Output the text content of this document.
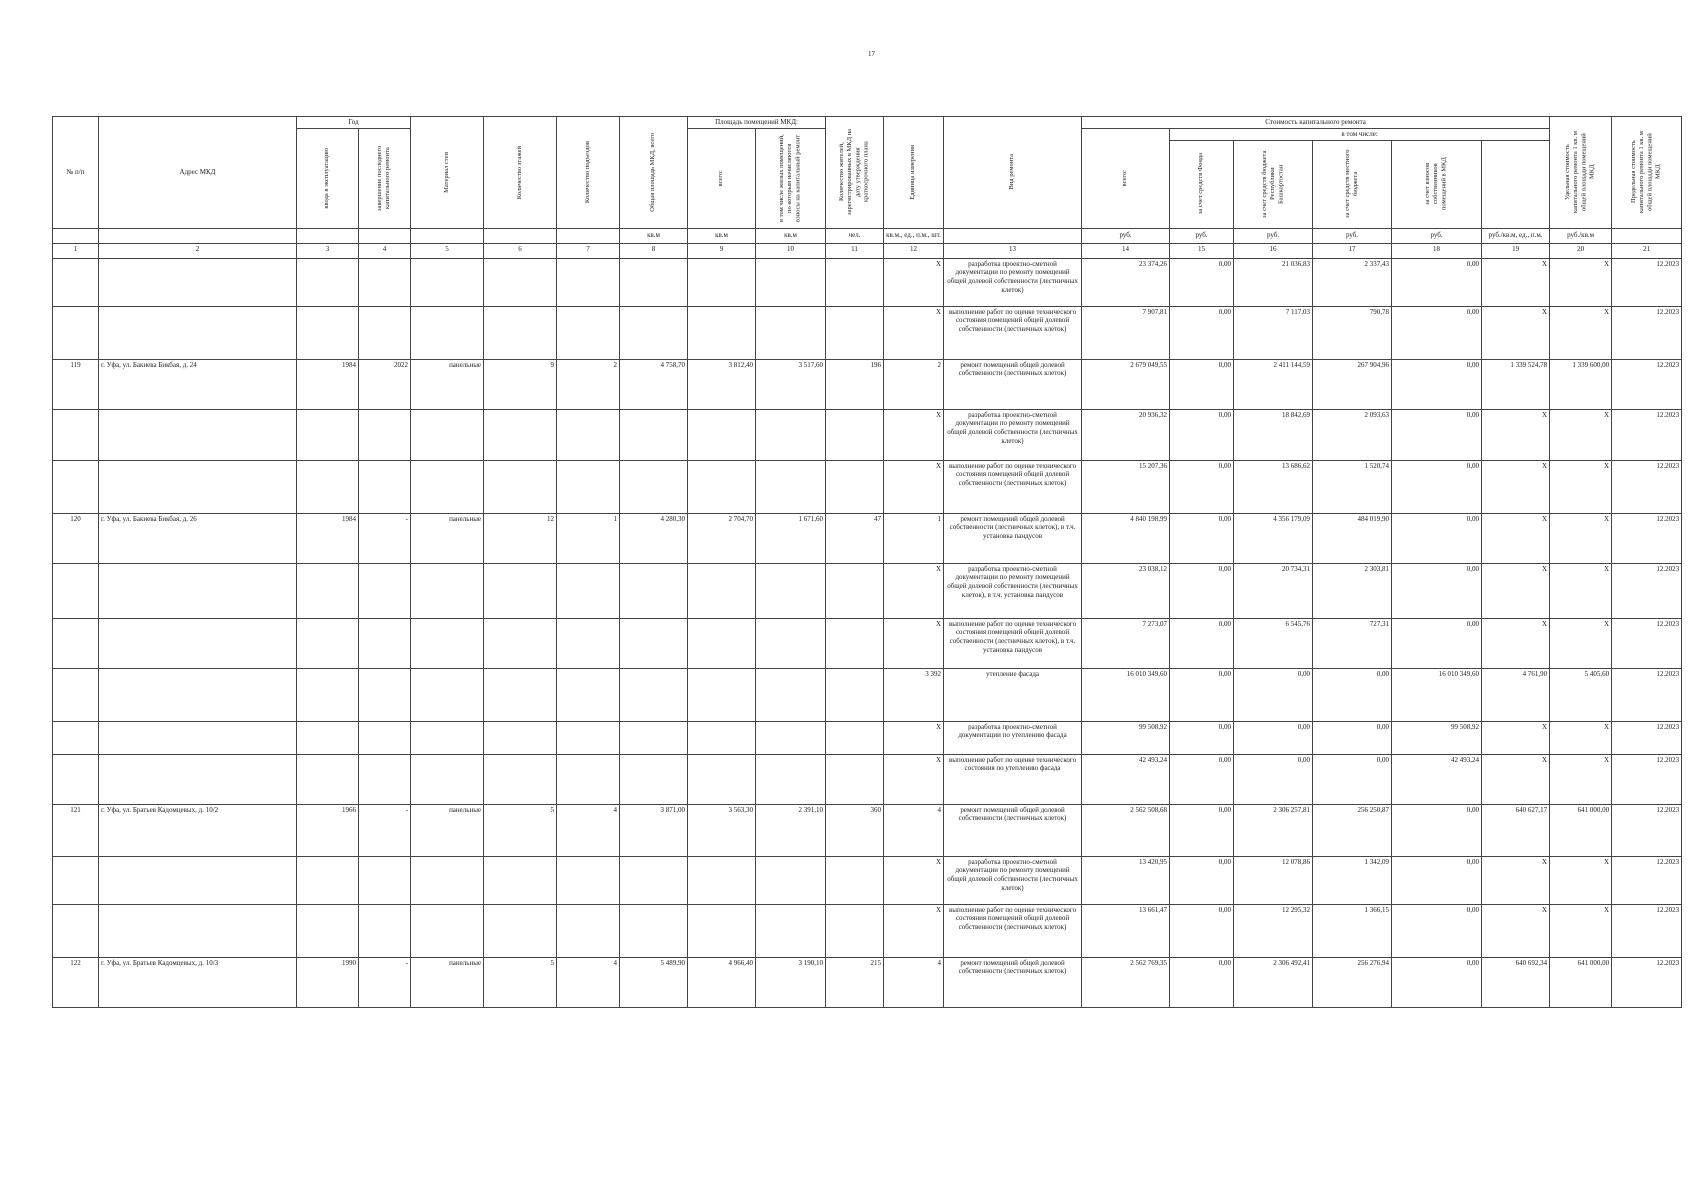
17
№ п/п	Адрес МКД	Год		Материал стен	Количество этажей	Количество подъездов	Общая площадь МКД, всего	Площадь помещений МКД:		Количество жителей, зарегистрированных в МКД на дату утверждения краткосрочного плана	Единица измерения	Вид ремонта	Стоимость капитального ремонта						Удельная стоимость капитального ремонта 1 кв. м общей площади помещений МКД	Предельная стоимость капитального ремонта 1 кв. м общей площади помещений МКД

		ввода в эксплуатацию	завершение последнего капитального ремонта					всего:	в том числе жилых помещений, по которым начисляются взносы на капитальный ремонт				всего:	в том числе:							

														за счет средств Фонда	за счет средств бюджета Республики Башкортостан	за счет средств местного бюджета	за счет взносов собственников помещений в МКД				

							кв.м	кв.м	кв.м	чел.	кв.м., ед., п.м., шт.		руб.	руб.	руб.	руб.	руб.	руб./кв.м, ед., п.м.	руб./кв.м		
1	2	3	4	5	6	7	8	9	10	11	12	13	14	15	16	17	18	19	20	21	
											X	разработка проектно-сметной документации по ремонту помещений общей долевой собственности (лестничных клеток)	23 374,26	0,00	21 036,83	2 337,43	0,00	X	X	12.2023	
											X	выполнение работ по оценке технического состояния помещений общей долевой собственности (лестничных клеток)	7 907,81	0,00	7 117,03	790,78	0,00	X	X	12.2023	
119	г. Уфа, ул. Бакиева Бикбая, д. 24	1984	2022	панельные	9	2	4 758,70	3 812,40	3 517,60	196	2	ремонт помещений общей долевой собственности (лестничных клеток)	2 679 049,55	0,00	2 411 144,59	267 904,96	0,00	1 339 524,78	1 339 600,00	12.2023	
											X	разработка проектно-сметной документации по ремонту помещений общей долевой собственности (лестничных клеток)	20 936,32	0,00	18 842,69	2 093,63	0,00	X	X	12.2023	
											X	выполнение работ по оценке технического состояния помещений общей долевой собственности (лестничных клеток)	15 207,36	0,00	13 686,62	1 520,74	0,00	X	X	12.2023	
120	г. Уфа, ул. Бакиева Бикбая, д. 26	1984	-	панельные	12	1	4 280,30	2 704,70	1 671,60	47	1	ремонт помещений общей долевой собственности (лестничных клеток), в т.ч. установка пандусов	4 840 198,99	0,00	4 356 179,09	484 019,90	0,00	X	X	12.2023	
											X	разработка проектно-сметной документации по ремонту помещений общей долевой собственности (лестничных клеток), в т.ч. установка пандусов	23 038,12	0,00	20 734,31	2 303,81	0,00	X	X	12.2023	
											X	выполнение работ по оценке технического состояния помещений общей долевой собственности (лестничных клеток), в т.ч. установка пандусов	7 273,07	0,00	6 545,76	727,31	0,00	X	X	12.2023	
											3 392	утепление фасада	16 010 349,60	0,00	0,00	0,00	16 010 349,60	4 761,90	5 405,60	12.2023	
											X	разработка проектно-сметной документации по утеплению фасада	99 508,92	0,00	0,00	0,00	99 508,92	X	X	12.2023	
											X	выполнение работ по оценке технического состояния по утеплению фасада	42 493,24	0,00	0,00	0,00	42 493,24	X	X	12.2023	
121	г. Уфа, ул. Братьев Кадомцевых, д. 10/2	1966	-	панельные	5	4	3 871,00	3 563,30	2 391,10	360	4	ремонт помещений общей долевой собственности (лестничных клеток)	2 562 508,68	0,00	2 306 257,81	256 250,87	0,00	640 627,17	641 000,00	12.2023	
											X	разработка проектно-сметной документации по ремонту помещений общей долевой собственности (лестничных клеток)	13 420,95	0,00	12 078,86	1 342,09	0,00	X	X	12.2023	
											X	выполнение работ по оценке технического состояния помещений общей долевой собственности (лестничных клеток)	13 661,47	0,00	12 295,32	1 366,15	0,00	X	X	12.2023	
122	г. Уфа, ул. Братьев Кадомцевых, д. 10/3	1990	-	панельные	5	4	5 489,90	4 966,40	3 190,10	215	4	ремонт помещений общей долевой собственности (лестничных клеток)	2 562 769,35	0,00	2 306 492,41	256 276,94	0,00	640 692,34	641 000,00	12.2023	
